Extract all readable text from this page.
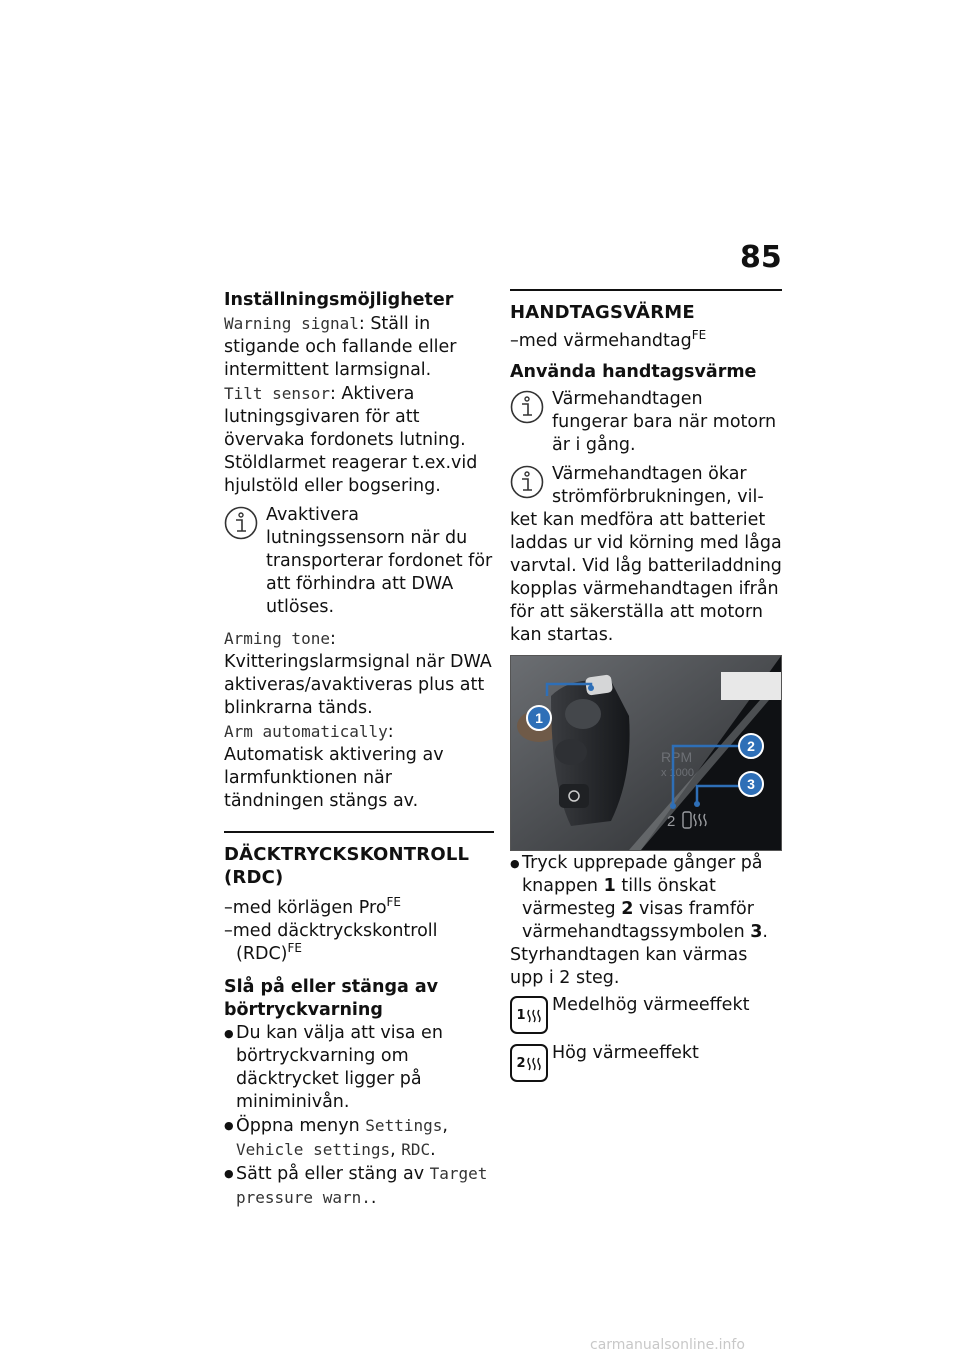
85

Inställningsmöjligheter

Warning signal: Ställ in stigande och fallande eller intermittent larmsignal.

Tilt sensor: Aktivera lutningsgivaren för att övervaka fordonets lutning. Stöldlarmet reagerar t.ex.vid hjulstöld eller bogsering.

Avaktivera lutningssensorn när du transporterar fordonet för att förhindra att DWA utlöses.

Arming tone: Kvitteringslarmsignal när DWA aktiveras/avaktiveras plus att blinkrarna tänds.

Arm automatically: Automatisk aktivering av larmfunktionen när tändningen stängs av.

DÄCKTRYCKSKONTROLL (RDC)

–med körlägen Pro$^{FE}$

–med däcktryckskontroll (RDC)$^{FE}$

Slå på eller stänga av börtryckvarning

● Du kan välja att visa en börtryckvarning om däcktrycket ligger på miniminivån.

● Öppna menyn Settings, Vehicle settings, RDC.

● Sätt på eller stäng av Target pressure warn..

HANDTAGSVÄRME

–med värmehandtag$^{FE}$

Använda handtagsvärme

Värmehandtagen fungerar bara när motorn är i gång.
Värmehandtagen ökar strömförbrukningen, vil-

ket kan medföra att batteriet laddas ur vid körning med låga varvtal. Vid låg batteriladdning kopplas värmehandtagen ifrån för att säkerställa att motorn kan startas.

●

1
RPM
x 1000
2
3
2

● Tryck upprepade gånger på knappen 1 tills önskat värmesteg 2 visas framför värmehandtagssymbolen 3.

Styrhandtagen kan värmas upp i 2 steg.

1 Medelhög värmeeffekt
2 Hög värmeeffekt
carmanualsonline.info
